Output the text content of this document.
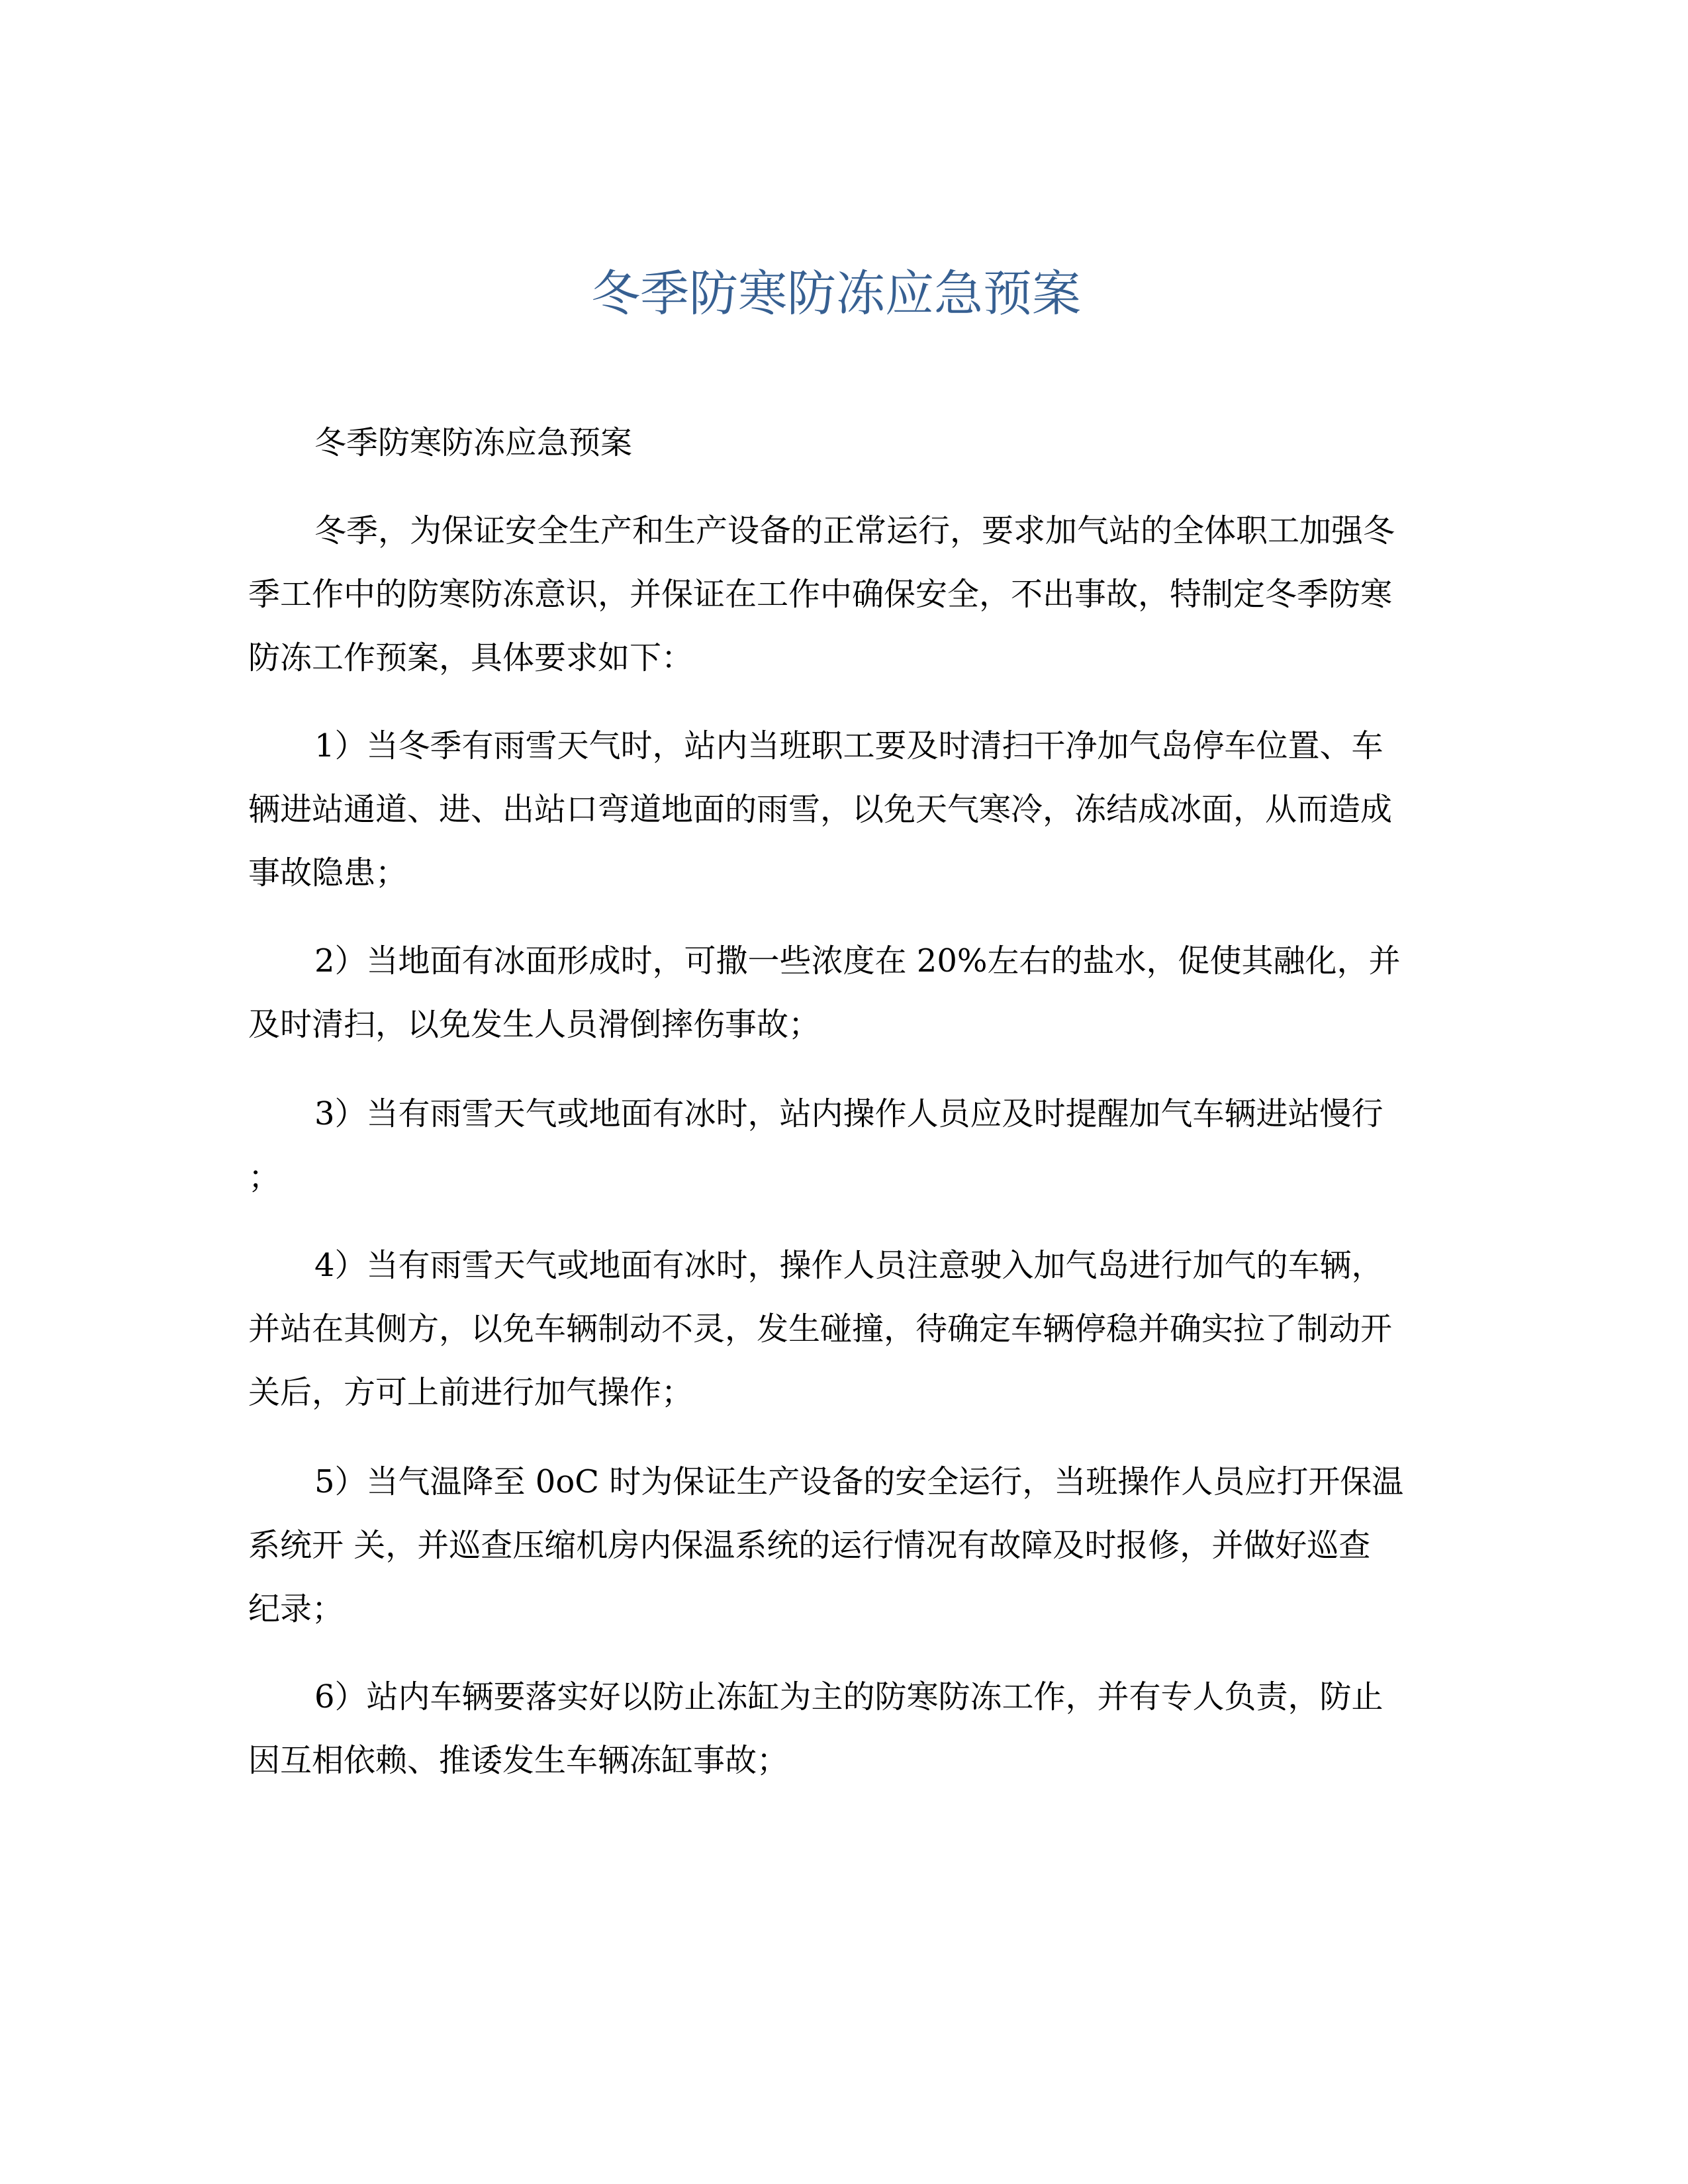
冬季防寒防冻应急预案
冬季防寒防冻应急预案
冬季，为保证安全生产和生产设备的正常运行，要求加气站的全体职工加强冬
季工作中的防寒防冻意识，并保证在工作中确保安全，不出事故，特制定冬季防寒
防冻工作预案，具体要求如下：
1）当冬季有雨雪天气时，站内当班职工要及时清扫干净加气岛停车位置、车
辆进站通道、进、出站口弯道地面的雨雪，以免天气寒冷，冻结成冰面，从而造成
事故隐患；
2）当地面有冰面形成时，可撒一些浓度在 20%左右的盐水，促使其融化，并
及时清扫，以免发生人员滑倒摔伤事故；
3）当有雨雪天气或地面有冰时，站内操作人员应及时提醒加气车辆进站慢行
；
4）当有雨雪天气或地面有冰时，操作人员注意驶入加气岛进行加气的车辆，
并站在其侧方，以免车辆制动不灵，发生碰撞，待确定车辆停稳并确实拉了制动开
关后，方可上前进行加气操作；
5）当气温降至 0oC 时为保证生产设备的安全运行，当班操作人员应打开保温
系统开 关，并巡查压缩机房内保温系统的运行情况有故障及时报修，并做好巡查
纪录；
6）站内车辆要落实好以防止冻缸为主的防寒防冻工作，并有专人负责，防止
因互相依赖、推诿发生车辆冻缸事故；
